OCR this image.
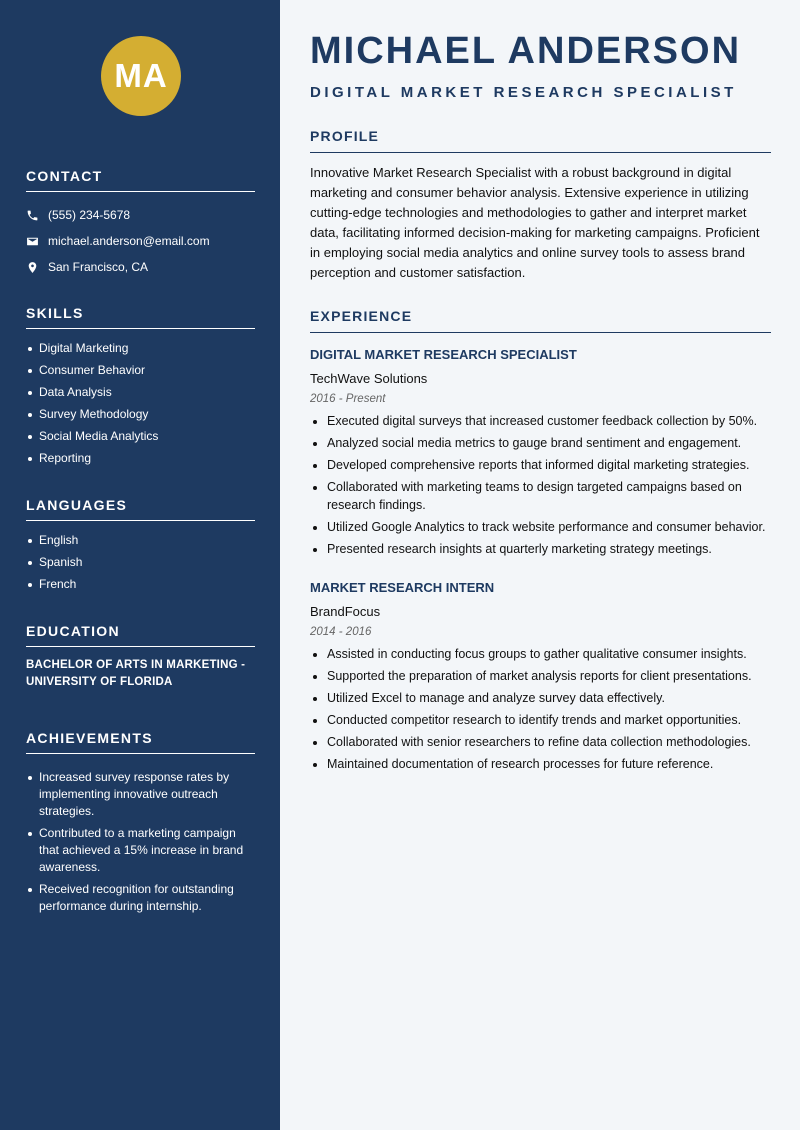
MA
CONTACT
(555) 234-5678
michael.anderson@email.com
San Francisco, CA
SKILLS
Digital Marketing
Consumer Behavior
Data Analysis
Survey Methodology
Social Media Analytics
Reporting
LANGUAGES
English
Spanish
French
EDUCATION
BACHELOR OF ARTS IN MARKETING - UNIVERSITY OF FLORIDA
ACHIEVEMENTS
Increased survey response rates by implementing innovative outreach strategies.
Contributed to a marketing campaign that achieved a 15% increase in brand awareness.
Received recognition for outstanding performance during internship.
MICHAEL ANDERSON
DIGITAL MARKET RESEARCH SPECIALIST
PROFILE

Innovative Market Research Specialist with a robust background in digital marketing and consumer behavior analysis. Extensive experience in utilizing cutting-edge technologies and methodologies to gather and interpret market data, facilitating informed decision-making for marketing campaigns. Proficient in employing social media analytics and online survey tools to assess brand perception and customer satisfaction.

EXPERIENCE

DIGITAL MARKET RESEARCH SPECIALIST

TechWave Solutions

2016 - Present

Executed digital surveys that increased customer feedback collection by 50%.
Analyzed social media metrics to gauge brand sentiment and engagement.
Developed comprehensive reports that informed digital marketing strategies.
Collaborated with marketing teams to design targeted campaigns based on research findings.
Utilized Google Analytics to track website performance and consumer behavior.
Presented research insights at quarterly marketing strategy meetings.

MARKET RESEARCH INTERN

BrandFocus

2014 - 2016

Assisted in conducting focus groups to gather qualitative consumer insights.
Supported the preparation of market analysis reports for client presentations.
Utilized Excel to manage and analyze survey data effectively.
Conducted competitor research to identify trends and market opportunities.
Collaborated with senior researchers to refine data collection methodologies.
Maintained documentation of research processes for future reference.
